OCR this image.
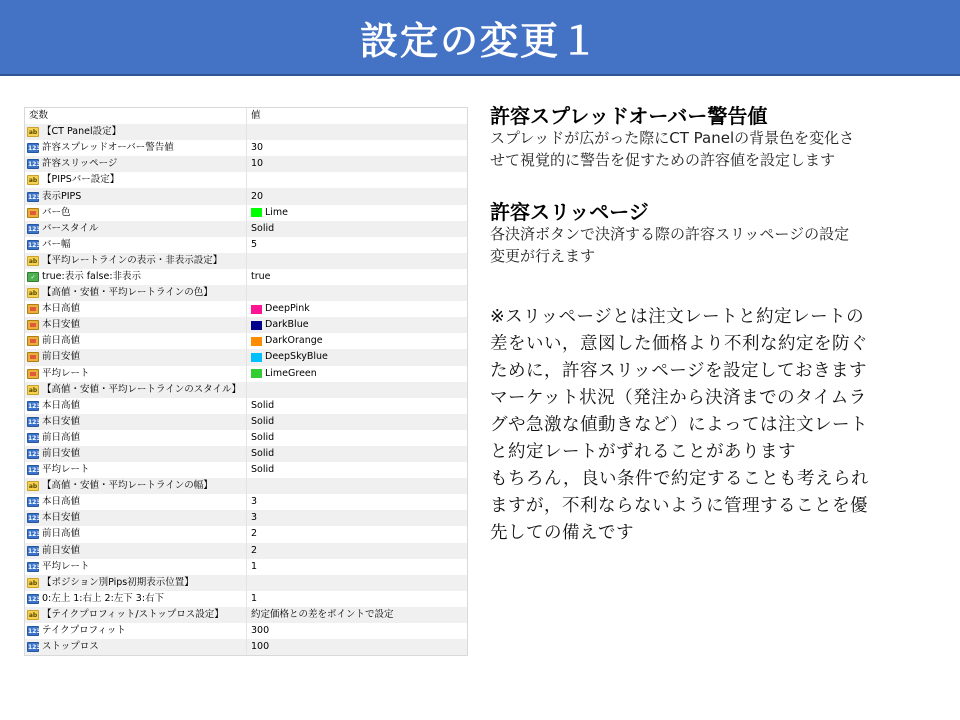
設定の変更１
変数	値
ab 【CT Panel設定】
123 許容スプレッドオーバー警告値	30
123 許容スリッページ	10
ab 【PIPSバー設定】
123 表示PIPS	20
バー色	Lime
123 バースタイル	Solid
123 バー幅	5
ab 【平均レートラインの表示・非表示設定】
✓ true:表示 false:非表示	true
ab 【高値・安値・平均レートラインの色】
本日高値	DeepPink
本日安値	DarkBlue
前日高値	DarkOrange
前日安値	DeepSkyBlue
平均レート	LimeGreen
ab 【高値・安値・平均レートラインのスタイル】
123 本日高値	Solid
123 本日安値	Solid
123 前日高値	Solid
123 前日安値	Solid
123 平均レート	Solid
ab 【高値・安値・平均レートラインの幅】
123 本日高値	3
123 本日安値	3
123 前日高値	2
123 前日安値	2
123 平均レート	1
ab 【ポジション別Pips初期表示位置】
123 0:左上 1:右上 2:左下 3:右下	1
ab 【テイクプロフィット/ストップロス設定】	約定価格との差をポイントで設定
123 テイクプロフィット	300
123 ストップロス	100
許容スプレッドオーバー警告値
スプレッドが広がった際にCT Panelの背景色を変化さ
せて視覚的に警告を促すための許容値を設定します
許容スリッページ
各決済ボタンで決済する際の許容スリッページの設定
変更が行えます
※スリッページとは注文レートと約定レートの
差をいい，意図した価格より不利な約定を防ぐ
ために，許容スリッページを設定しておきます
マーケット状況（発注から決済までのタイムラ
グや急激な値動きなど）によっては注文レート
と約定レートがずれることがあります
もちろん，良い条件で約定することも考えられ
ますが，不利ならないように管理することを優
先しての備えです
